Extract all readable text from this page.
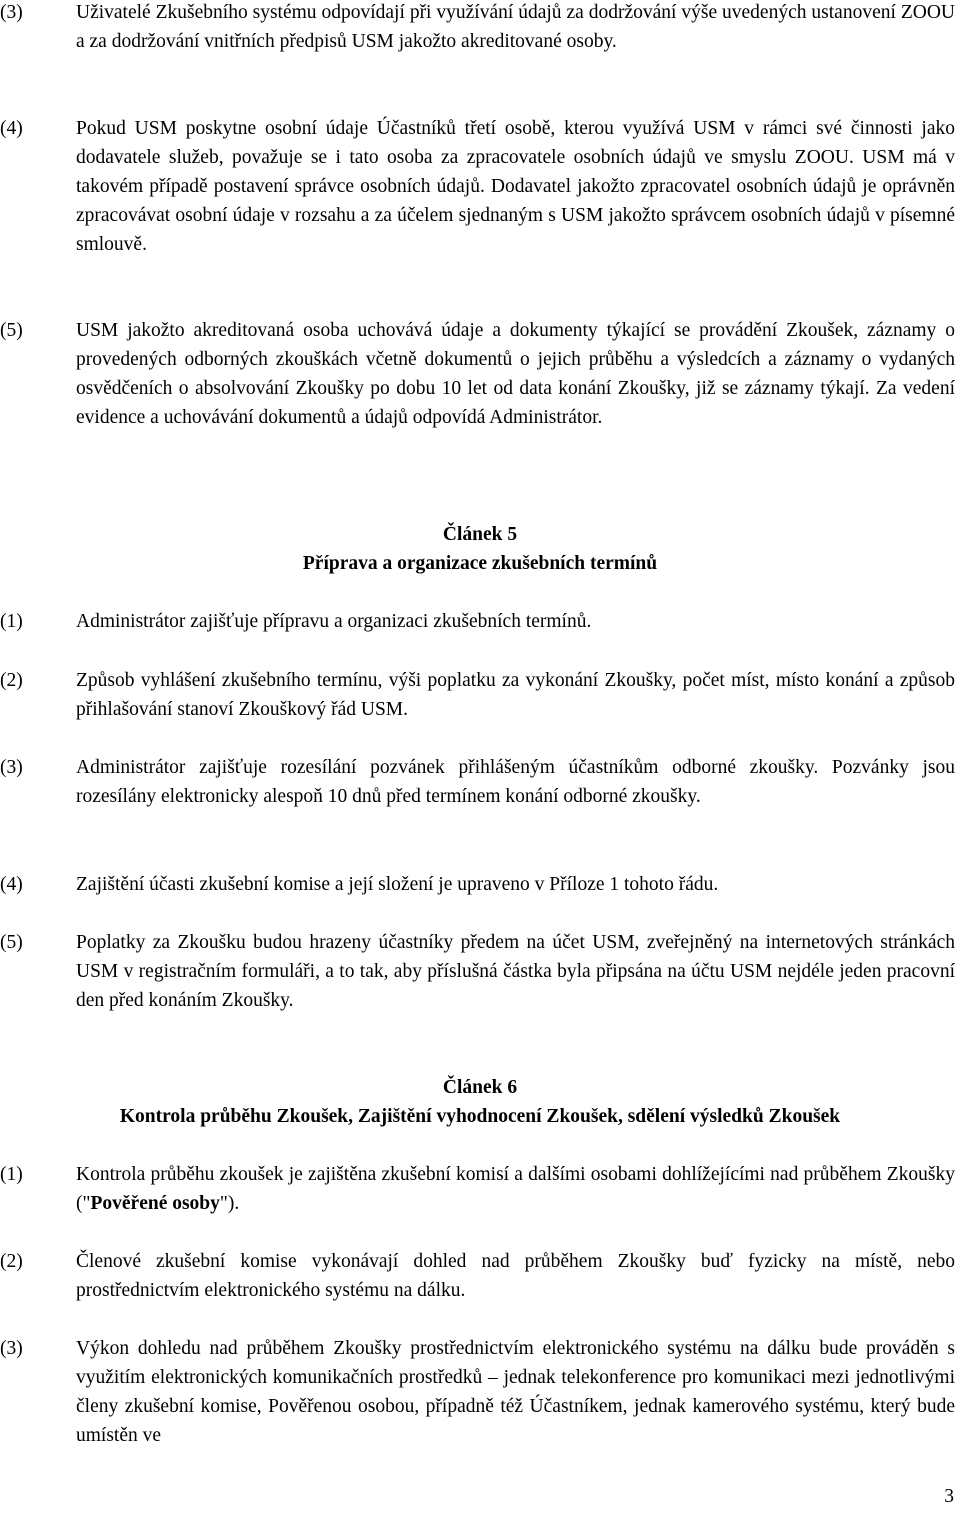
(3)	Uživatelé Zkušebního systému odpovídají při využívání údajů za dodržování výše uvedených ustanovení ZOOU a za dodržování vnitřních předpisů USM jakožto akreditované osoby.
(4)	Pokud USM poskytne osobní údaje Účastníků třetí osobě, kterou využívá USM v rámci své činnosti jako dodavatele služeb, považuje se i tato osoba za zpracovatele osobních údajů ve smyslu ZOOU. USM má v takovém případě postavení správce osobních údajů. Dodavatel jakožto zpracovatel osobních údajů je oprávněn zpracovávat osobní údaje v rozsahu a za účelem sjednaným s USM jakožto správcem osobních údajů v písemné smlouvě.
(5)	USM jakožto akreditovaná osoba uchovává údaje a dokumenty týkající se provádění Zkoušek, záznamy o provedených odborných zkouškách včetně dokumentů o jejich průběhu a výsledcích a záznamy o vydaných osvědčeních o absolvování Zkoušky po dobu 10 let od data konání Zkoušky, již se záznamy týkají. Za vedení evidence a uchovávání dokumentů a údajů odpovídá Administrátor.
Článek 5
Příprava a organizace zkušebních termínů
(1)	Administrátor zajišťuje přípravu a organizaci zkušebních termínů.
(2)	Způsob vyhlášení zkušebního termínu, výši poplatku za vykonání Zkoušky, počet míst, místo konání a způsob přihlašování stanoví Zkouškový řád USM.
(3)	Administrátor zajišťuje rozesílání pozvánek přihlášeným účastníkům odborné zkoušky. Pozvánky jsou rozesílány elektronicky alespoň 10 dnů před termínem konání odborné zkoušky.
(4)	Zajištění účasti zkušební komise a její složení je upraveno v Příloze 1 tohoto řádu.
(5)	Poplatky za Zkoušku budou hrazeny účastníky předem na účet USM, zveřejněný na internetových stránkách USM v registračním formuláři, a to tak, aby příslušná částka byla připsána na účtu USM nejdéle jeden pracovní den před konáním Zkoušky.
Článek 6
Kontrola průběhu Zkoušek, Zajištění vyhodnocení Zkoušek, sdělení výsledků Zkoušek
(1)	Kontrola průběhu zkoušek je zajištěna zkušební komisí a dalšími osobami dohlížejícími nad průběhem Zkoušky ("Pověřené osoby").
(2)	Členové zkušební komise vykonávají dohled nad průběhem Zkoušky buď fyzicky na místě, nebo prostřednictvím elektronického systému na dálku.
(3)	Výkon dohledu nad průběhem Zkoušky prostřednictvím elektronického systému na dálku bude prováděn s využitím elektronických komunikačních prostředků – jednak telekonference pro komunikaci mezi jednotlivými členy zkušební komise, Pověřenou osobou, případně též Účastníkem, jednak kamerového systému, který bude umístěn ve
3
